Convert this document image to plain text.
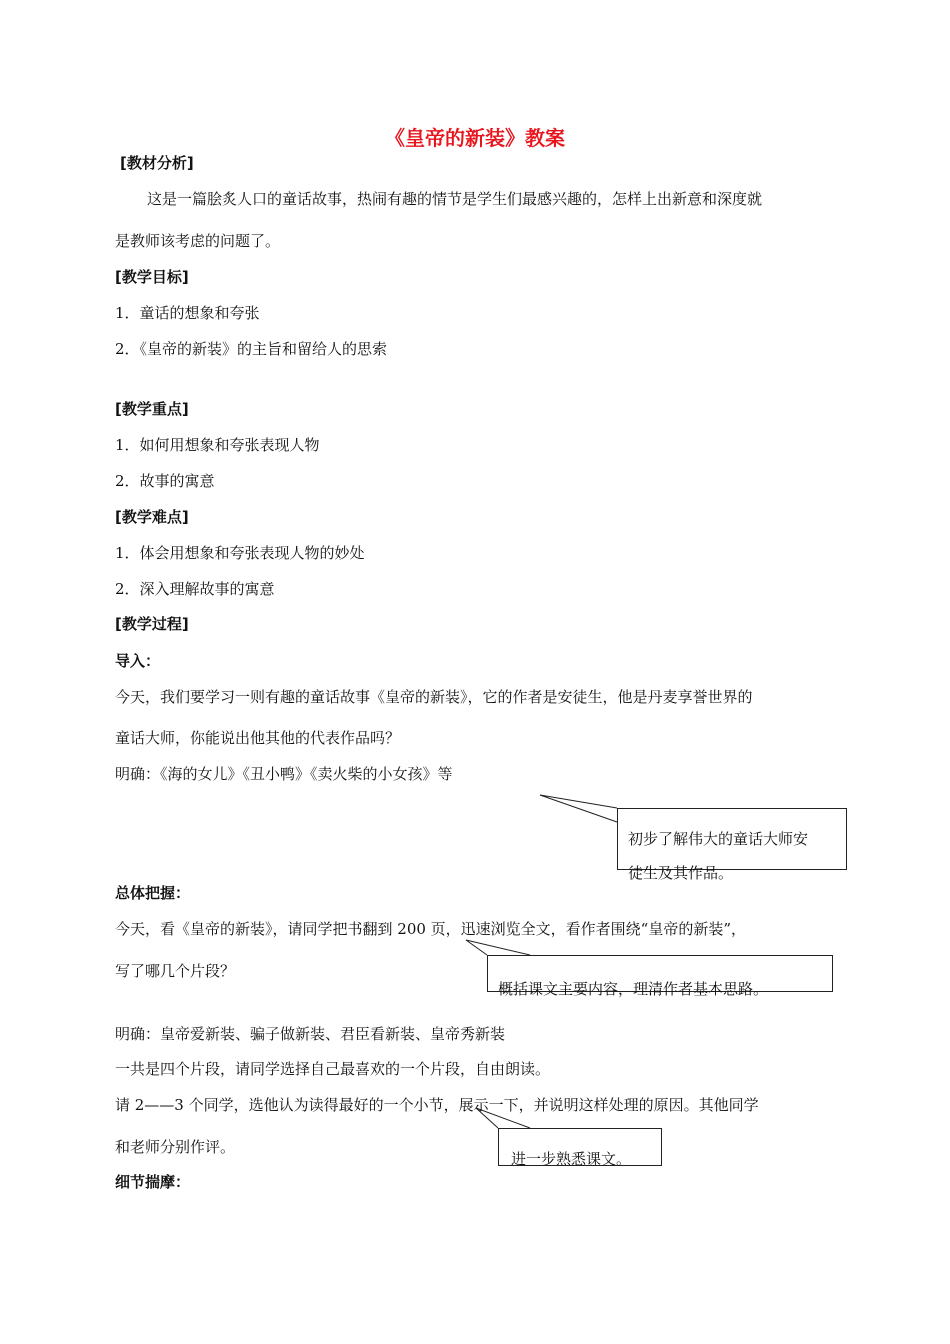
《皇帝的新装》教案
[教材分析]
这是一篇脍炙人口的童话故事，热闹有趣的情节是学生们最感兴趣的，怎样上出新意和深度就
是教师该考虑的问题了。
[教学目标]
1．童话的想象和夸张
2．《皇帝的新装》的主旨和留给人的思索
[教学重点]
1．如何用想象和夸张表现人物
2．故事的寓意
[教学难点]
1．体会用想象和夸张表现人物的妙处
2．深入理解故事的寓意
[教学过程]
导入：
今天，我们要学习一则有趣的童话故事《皇帝的新装》，它的作者是安徒生，他是丹麦享誉世界的
童话大师，你能说出他其他的代表作品吗？
明确：《海的女儿》《丑小鸭》《卖火柴的小女孩》等
初步了解伟大的童话大师安
徒生及其作品。
总体把握：
今天，看《皇帝的新装》，请同学把书翻到 200 页，迅速浏览全文，看作者围绕“皇帝的新装”，
写了哪几个片段？
概括课文主要内容，理清作者基本思路。
明确：皇帝爱新装、骗子做新装、君臣看新装、皇帝秀新装
一共是四个片段，请同学选择自己最喜欢的一个片段，自由朗读。
请 2——3 个同学，选他认为读得最好的一个小节，展示一下，并说明这样处理的原因。其他同学
和老师分别作评。
进一步熟悉课文。
细节揣摩：
